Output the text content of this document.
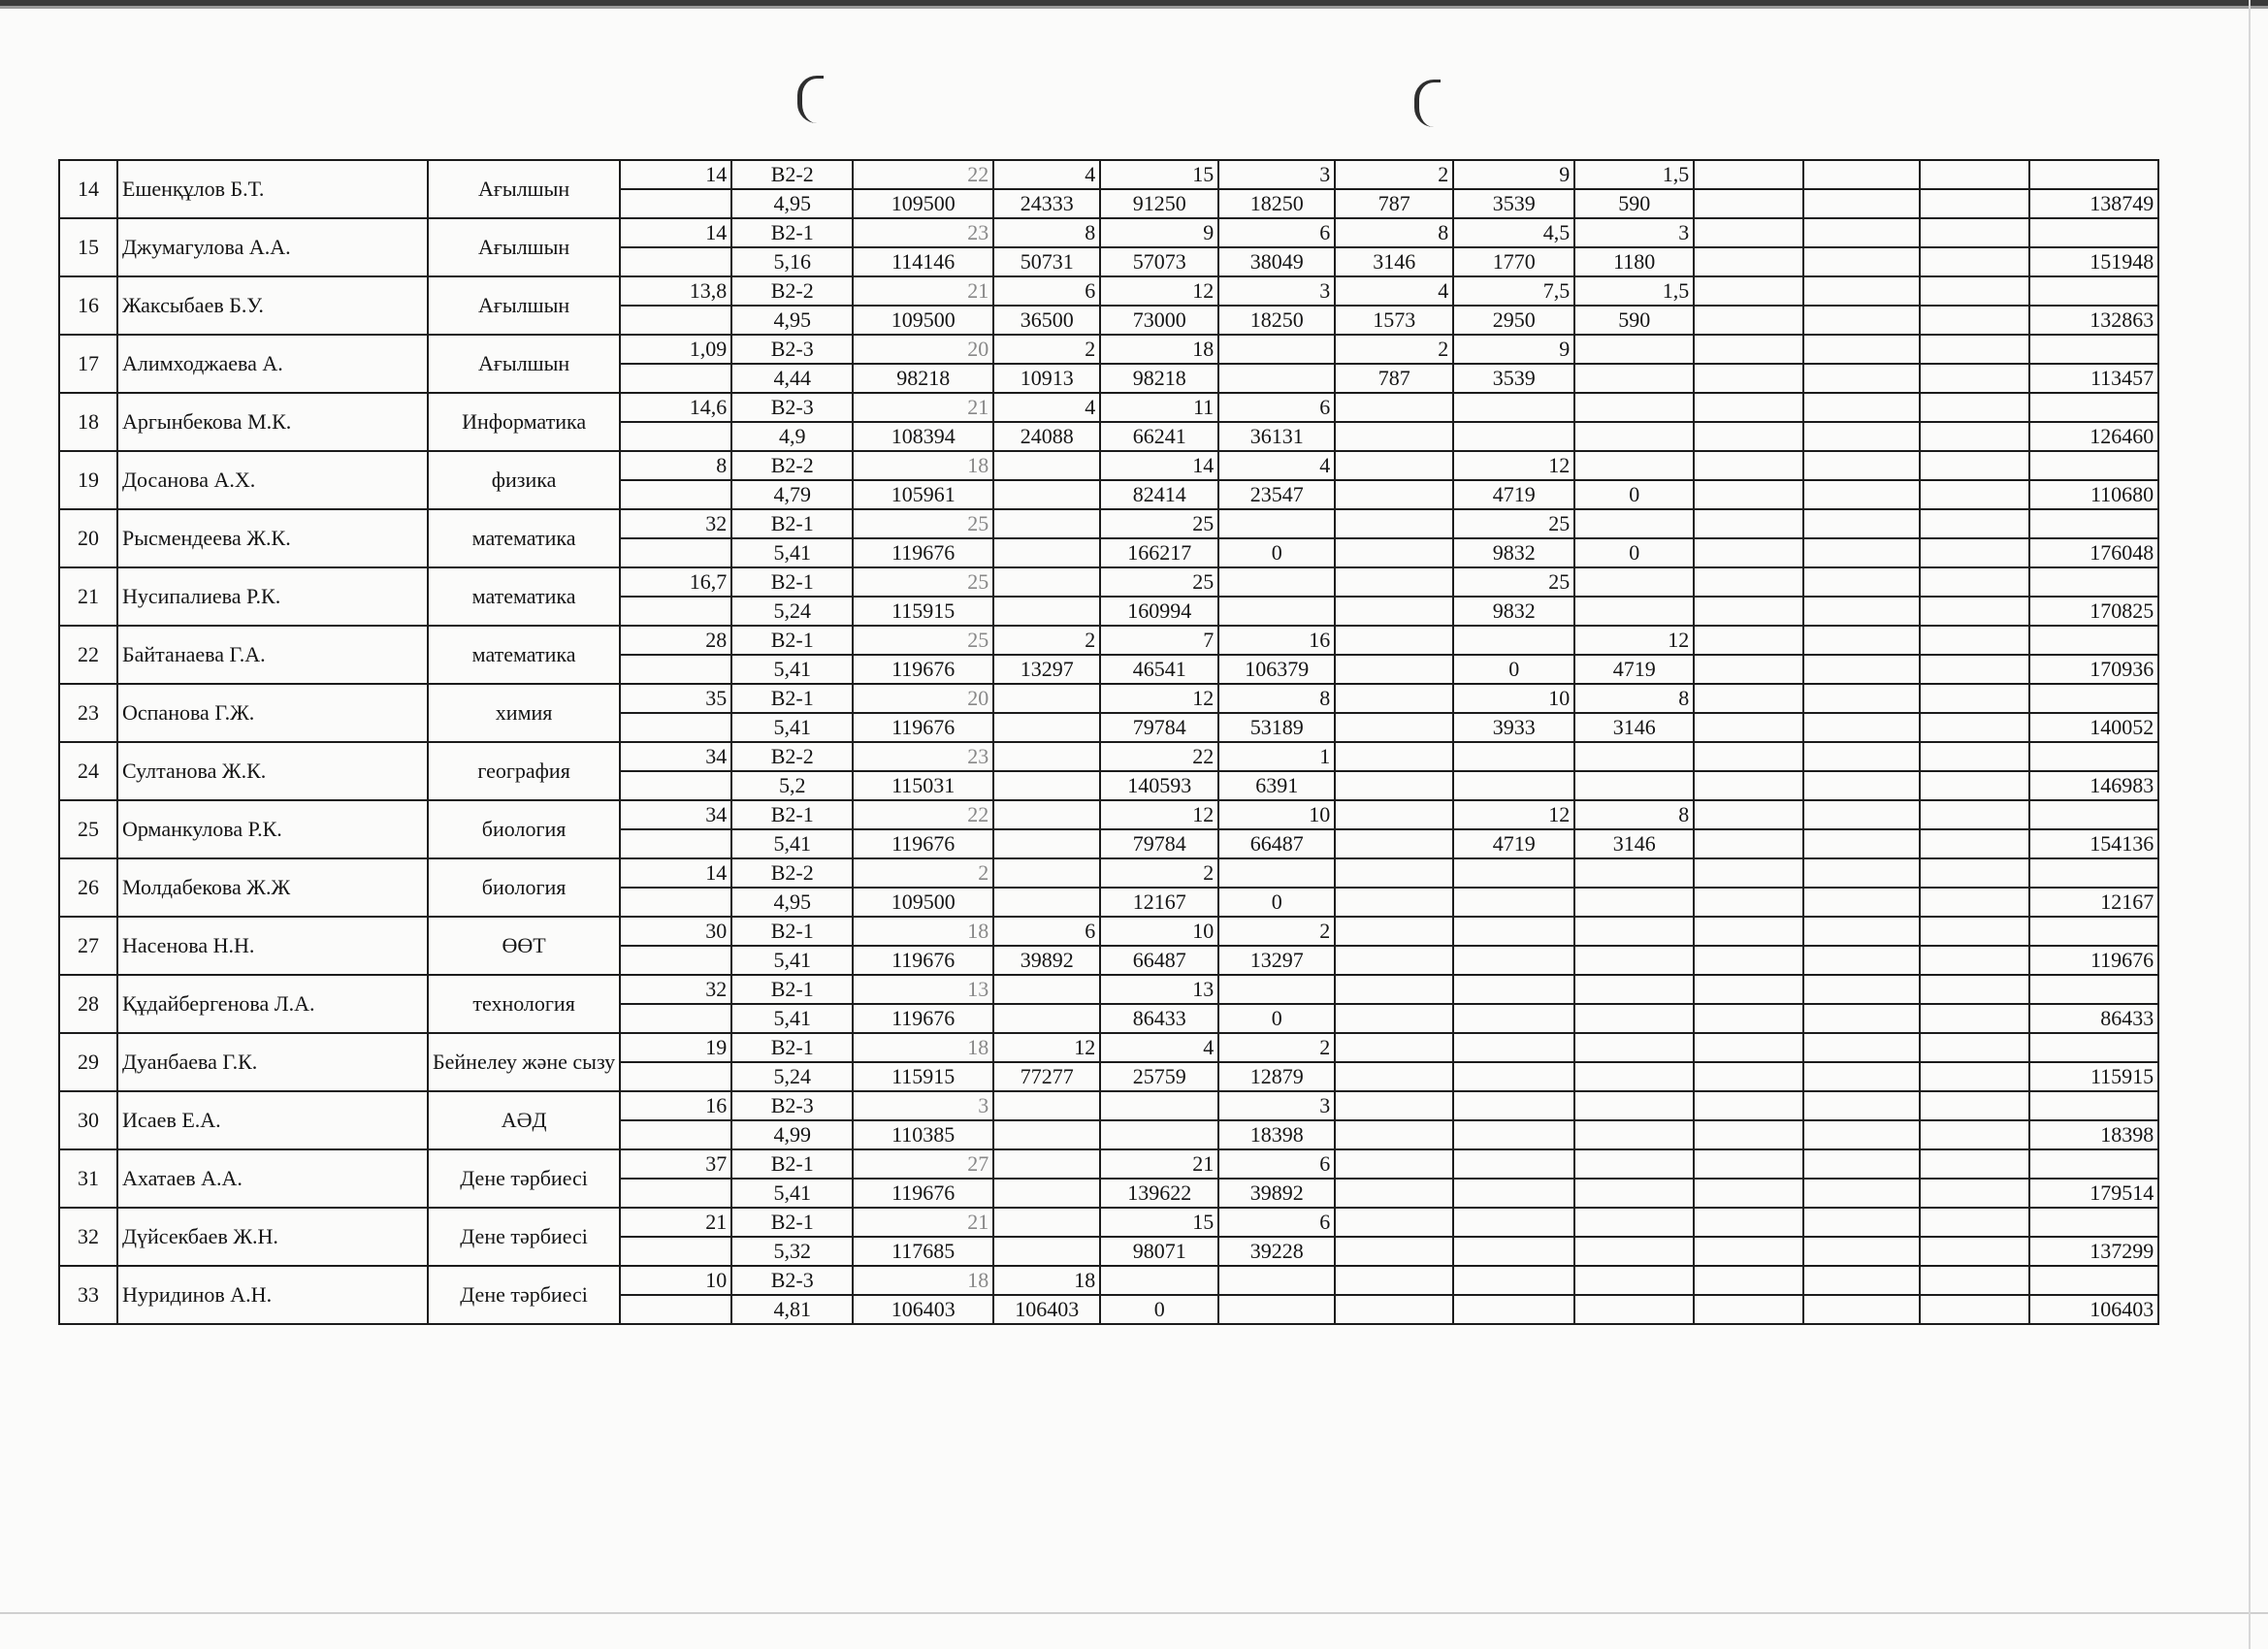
14	Ешенқұлов Б.Т.	Ағылшын	14	В2-2	22	4	15	3	2	9	1,5				
				4,95	109500	24333	91250	18250	787	3539	590				138749
15	Джумагулова А.А.	Ағылшын	14	В2-1	23	8	9	6	8	4,5	3				
				5,16	114146	50731	57073	38049	3146	1770	1180				151948
16	Жаксыбаев Б.У.	Ағылшын	13,8	В2-2	21	6	12	3	4	7,5	1,5				
				4,95	109500	36500	73000	18250	1573	2950	590				132863
17	Алимходжаева А.	Ағылшын	1,09	В2-3	20	2	18		2	9					
				4,44	98218	10913	98218		787	3539					113457
18	Аргынбекова М.К.	Информатика	14,6	В2-3	21	4	11	6							
				4,9	108394	24088	66241	36131							126460
19	Досанова А.Х.	физика	8	В2-2	18		14	4		12					
				4,79	105961		82414	23547		4719	0				110680
20	Рысмендеева Ж.К.	математика	32	В2-1	25		25			25					
				5,41	119676		166217	0		9832	0				176048
21	Нусипалиева Р.К.	математика	16,7	В2-1	25		25			25					
				5,24	115915		160994			9832					170825
22	Байтанаева Г.А.	математика	28	В2-1	25	2	7	16			12				
				5,41	119676	13297	46541	106379		0	4719				170936
23	Оспанова Г.Ж.	химия	35	В2-1	20		12	8		10	8				
				5,41	119676		79784	53189		3933	3146				140052
24	Султанова Ж.К.	география	34	В2-2	23		22	1							
				5,2	115031		140593	6391							146983
25	Орманкулова Р.К.	биология	34	В2-1	22		12	10		12	8				
				5,41	119676		79784	66487		4719	3146				154136
26	Молдабекова Ж.Ж	биология	14	В2-2	2		2								
				4,95	109500		12167	0							12167
27	Насенова Н.Н.	ӨӨТ	30	В2-1	18	6	10	2							
				5,41	119676	39892	66487	13297							119676
28	Құдайбергенова Л.А.	технология	32	В2-1	13		13								
				5,41	119676		86433	0							86433
29	Дуанбаева Г.К.	Бейнелеу және сызу	19	В2-1	18	12	4	2							
				5,24	115915	77277	25759	12879							115915
30	Исаев Е.А.	АӘД	16	В2-3	3			3							
				4,99	110385			18398							18398
31	Ахатаев А.А.	Дене тәрбиесі	37	В2-1	27		21	6							
				5,41	119676		139622	39892							179514
32	Дүйсекбаев Ж.Н.	Дене тәрбиесі	21	В2-1	21		15	6							
				5,32	117685		98071	39228							137299
33	Нуридинов А.Н.	Дене тәрбиесі	10	В2-3	18	18									
				4,81	106403	106403	0								106403
